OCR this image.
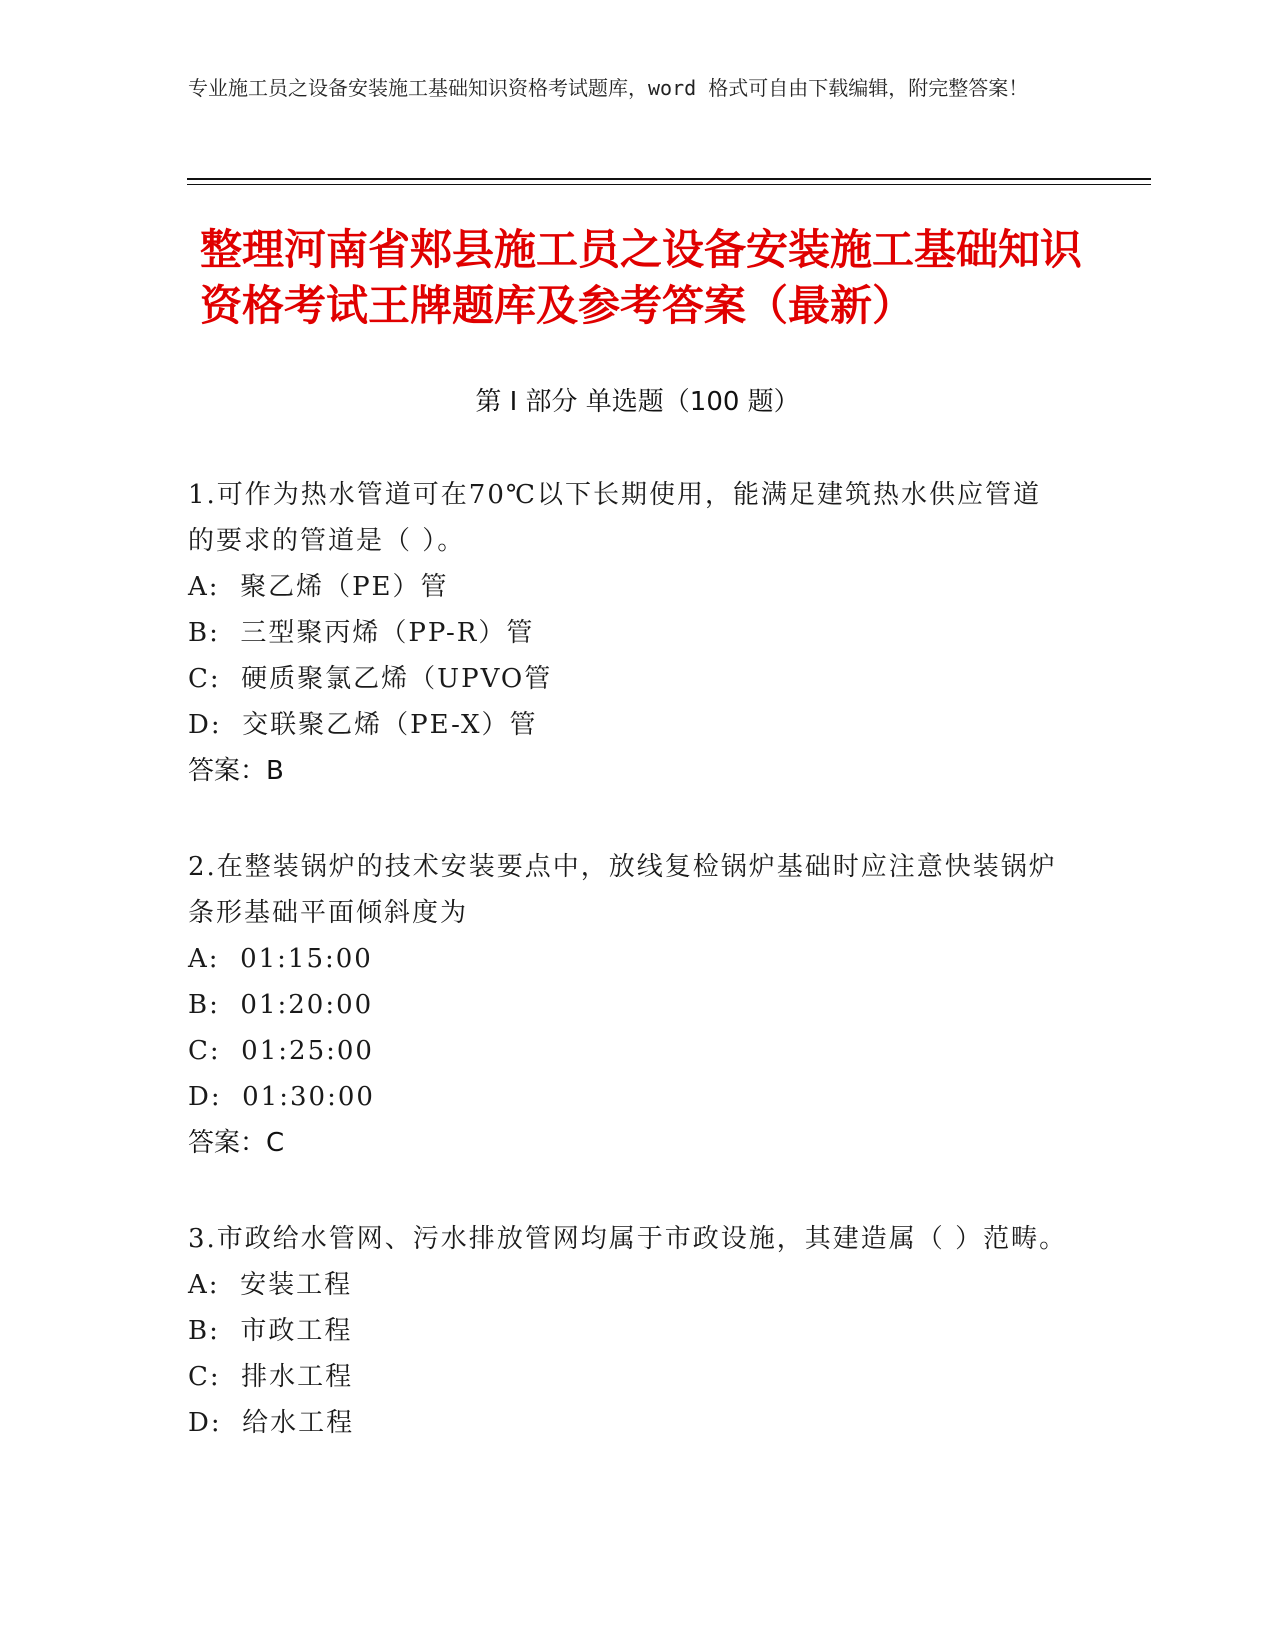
专业施工员之设备安装施工基础知识资格考试题库，word 格式可自由下载编辑，附完整答案！
整理河南省郏县施工员之设备安装施工基础知识资格考试王牌题库及参考答案（最新）
第 I 部分 单选题（100 题）

1.可作为热水管道可在70℃以下长期使用，能满足建筑热水供应管道的要求的管道是（ ）。

A:  聚乙烯（PE）管
B:  三型聚丙烯（PP-R）管
C:  硬质聚氯乙烯（UPVO管
D:  交联聚乙烯（PE-X）管
答案：B

2.在整装锅炉的技术安装要点中，放线复检锅炉基础时应注意快装锅炉条形基础平面倾斜度为

A:  01:15:00
B:  01:20:00
C:  01:25:00
D:  01:30:00
答案：C

3.市政给水管网、污水排放管网均属于市政设施，其建造属（ ）范畴。

A:  安装工程
B:  市政工程
C:  排水工程
D:  给水工程
